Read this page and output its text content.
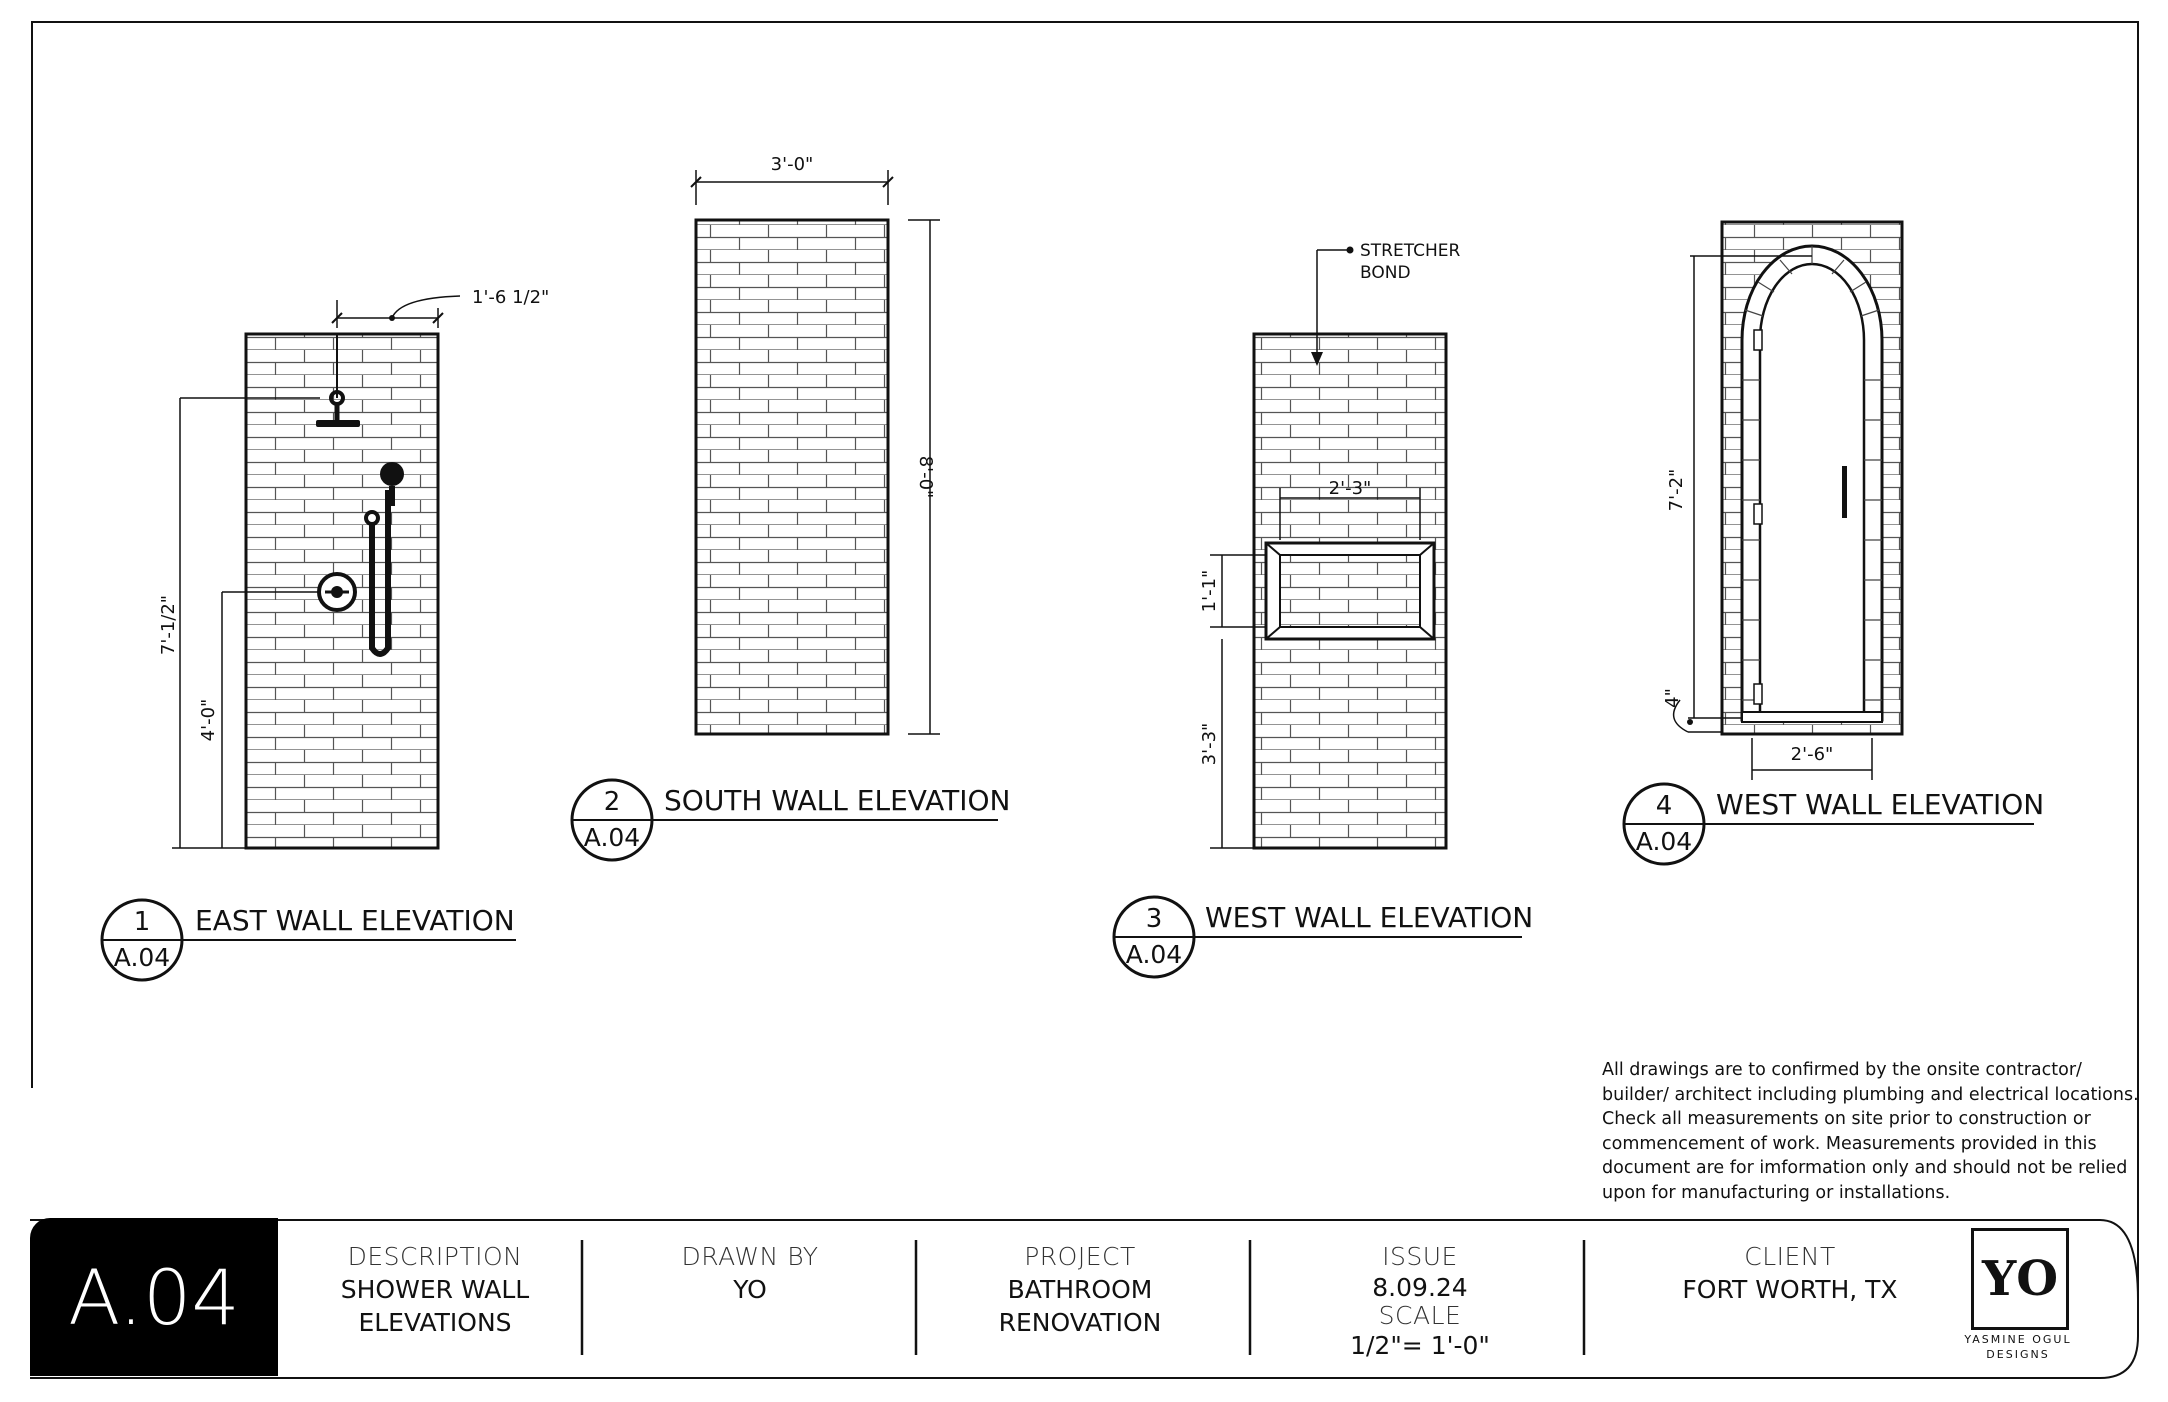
1'-6 1/2"
7'-1/2"
4'-0"
3'-0"
8'-0"
STRETCHER
BOND
2'-3"
1'-1"
3'-3"
7'-2"
4"
2'-6"
1
A.04
EAST WALL ELEVATION
2
A.04
SOUTH WALL ELEVATION
3
A.04
WEST WALL ELEVATION
4
A.04
WEST WALL ELEVATION
All drawings are to confirmed by the onsite contractor/ builder/ architect including plumbing and electrical locations. Check all measurements on site prior to construction or commencement of work. Measurements provided in this document are for imformation only and should not be relied upon for manufacturing or installations.
A.04	DESCRIPTION
SHOWER WALL
ELEVATIONS
DRAWN BY
YO
PROJECT
BATHROOM
RENOVATION
ISSUE
8.09.24
SCALE
1/2"= 1'-0"
CLIENT
FORT WORTH, TX	YO
YASMINE OGUL
DESIGNS
